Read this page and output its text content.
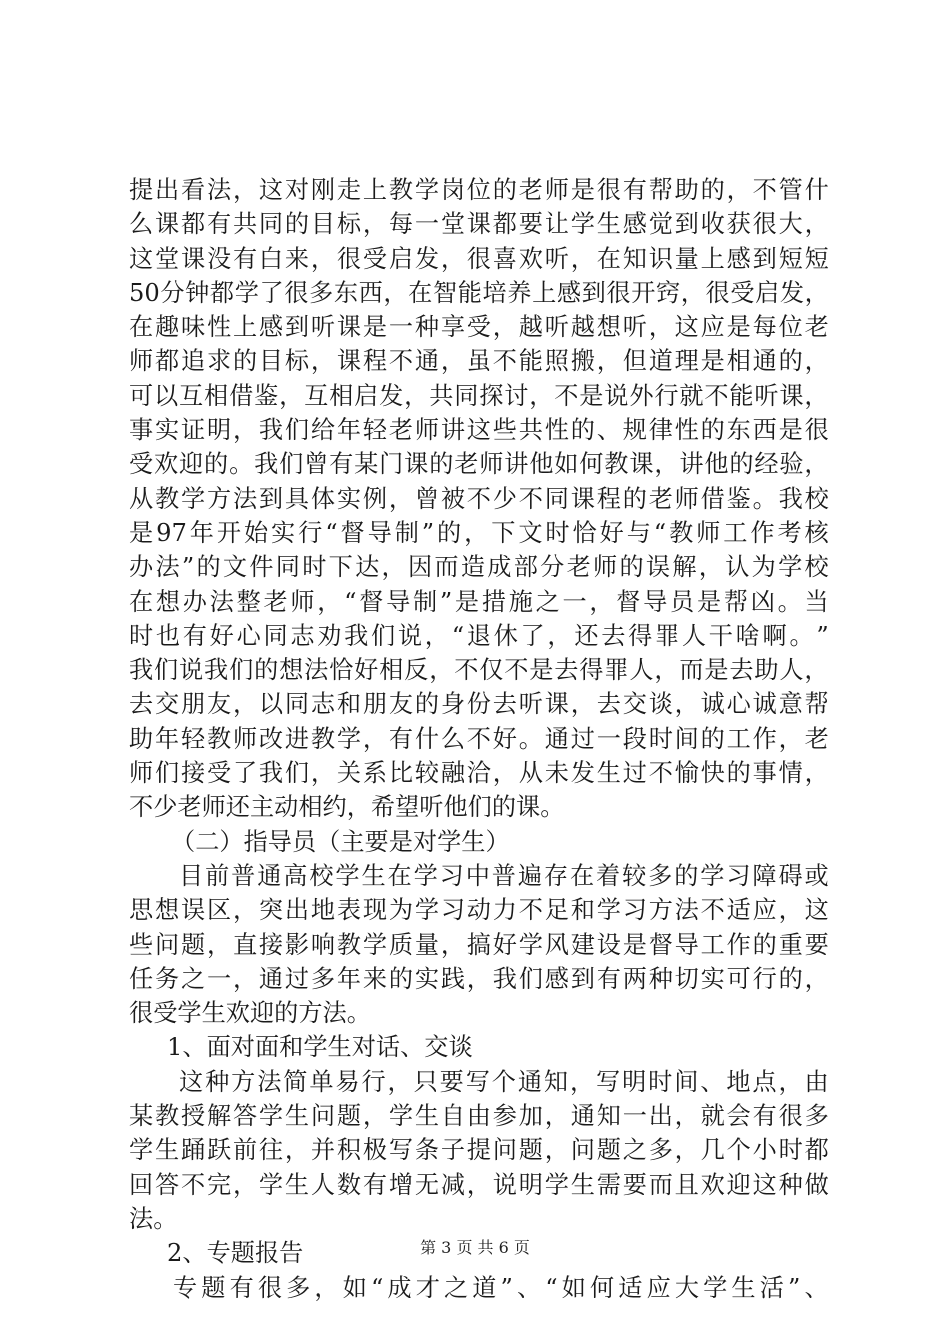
提 出 看 法 ， 这 对 刚 走 上 教 学 岗 位 的 老 师 是 很 有 帮 助 的 ， 不 管 什
么 课 都 有 共 同 的 目 标 ， 每 一 堂 课 都 要 让 学 生 感 觉 到 收 获 很 大 ，
这 堂 课 没 有 白 来 ， 很 受 启 发 ， 很 喜 欢 听 ， 在 知 识 量 上 感 到 短 短
50 分 钟 都 学 了 很 多 东 西 ， 在 智 能 培 养 上 感 到 很 开 窍 ， 很 受 启 发 ，
在 趣 味 性 上 感 到 听 课 是 一 种 享 受 ， 越 听 越 想 听 ， 这 应 是 每 位 老
师 都 追 求 的 目 标 ， 课 程 不 通 ， 虽 不 能 照 搬 ， 但 道 理 是 相 通 的 ，
可 以 互 相 借 鉴 ， 互 相 启 发 ， 共 同 探 讨 ， 不 是 说 外 行 就 不 能 听 课 ，
事 实 证 明 ， 我 们 给 年 轻 老 师 讲 这 些 共 性 的 、 规 律 性 的 东 西 是 很
受 欢 迎 的 。 我 们 曾 有 某 门 课 的 老 师 讲 他 如 何 教 课 ， 讲 他 的 经 验 ，
从 教 学 方 法 到 具 体 实 例 ， 曾 被 不 少 不 同 课 程 的 老 师 借 鉴 。 我 校
是 97 年 开 始 实 行 “ 督 导 制 ” 的 ， 下 文 时 恰 好 与 “ 教 师 工 作 考 核
办 法 ” 的 文 件 同 时 下 达 ， 因 而 造 成 部 分 老 师 的 误 解 ， 认 为 学 校
在 想 办 法 整 老 师 ， “ 督 导 制 ” 是 措 施 之 一 ， 督 导 员 是 帮 凶 。 当
时 也 有 好 心 同 志 劝 我 们 说 ， “ 退 休 了 ， 还 去 得 罪 人 干 啥 啊 。 ”
我 们 说 我 们 的 想 法 恰 好 相 反 ， 不 仅 不 是 去 得 罪 人 ， 而 是 去 助 人 ，
去 交 朋 友 ， 以 同 志 和 朋 友 的 身 份 去 听 课 ， 去 交 谈 ， 诚 心 诚 意 帮
助 年 轻 教 师 改 进 教 学 ， 有 什 么 不 好 。 通 过 一 段 时 间 的 工 作 ， 老
师 们 接 受 了 我 们 ， 关 系 比 较 融 洽 ， 从 未 发 生 过 不 愉 快 的 事 情 ，
不少老师还主动相约，希望听他们的课。
（二）指导员（主要是对学生）
目 前 普 通 高 校 学 生 在 学 习 中 普 遍 存 在 着 较 多 的 学 习 障 碍 或
思 想 误 区 ， 突 出 地 表 现 为 学 习 动 力 不 足 和 学 习 方 法 不 适 应 ， 这
些 问 题 ， 直 接 影 响 教 学 质 量 ， 搞 好 学 风 建 设 是 督 导 工 作 的 重 要
任 务 之 一 ， 通 过 多 年 来 的 实 践 ， 我 们 感 到 有 两 种 切 实 可 行 的 ，
很受学生欢迎的方法。
1、面对面和学生对话、交谈
这 种 方 法 简 单 易 行 ， 只 要 写 个 通 知 ， 写 明 时 间 、 地 点 ， 由
某 教 授 解 答 学 生 问 题 ， 学 生 自 由 参 加 ， 通 知 一 出 ， 就 会 有 很 多
学 生 踊 跃 前 往 ， 并 积 极 写 条 子 提 问 题 ， 问 题 之 多 ， 几 个 小 时 都
回 答 不 完 ， 学 生 人 数 有 增 无 减 ， 说 明 学 生 需 要 而 且 欢 迎 这 种 做
法。
2、专题报告
专 题 有 很 多 ， 如 “ 成 才 之 道 ” 、 “ 如 何 适 应 大 学 生 活 ” 、
第 3 页 共 6 页
